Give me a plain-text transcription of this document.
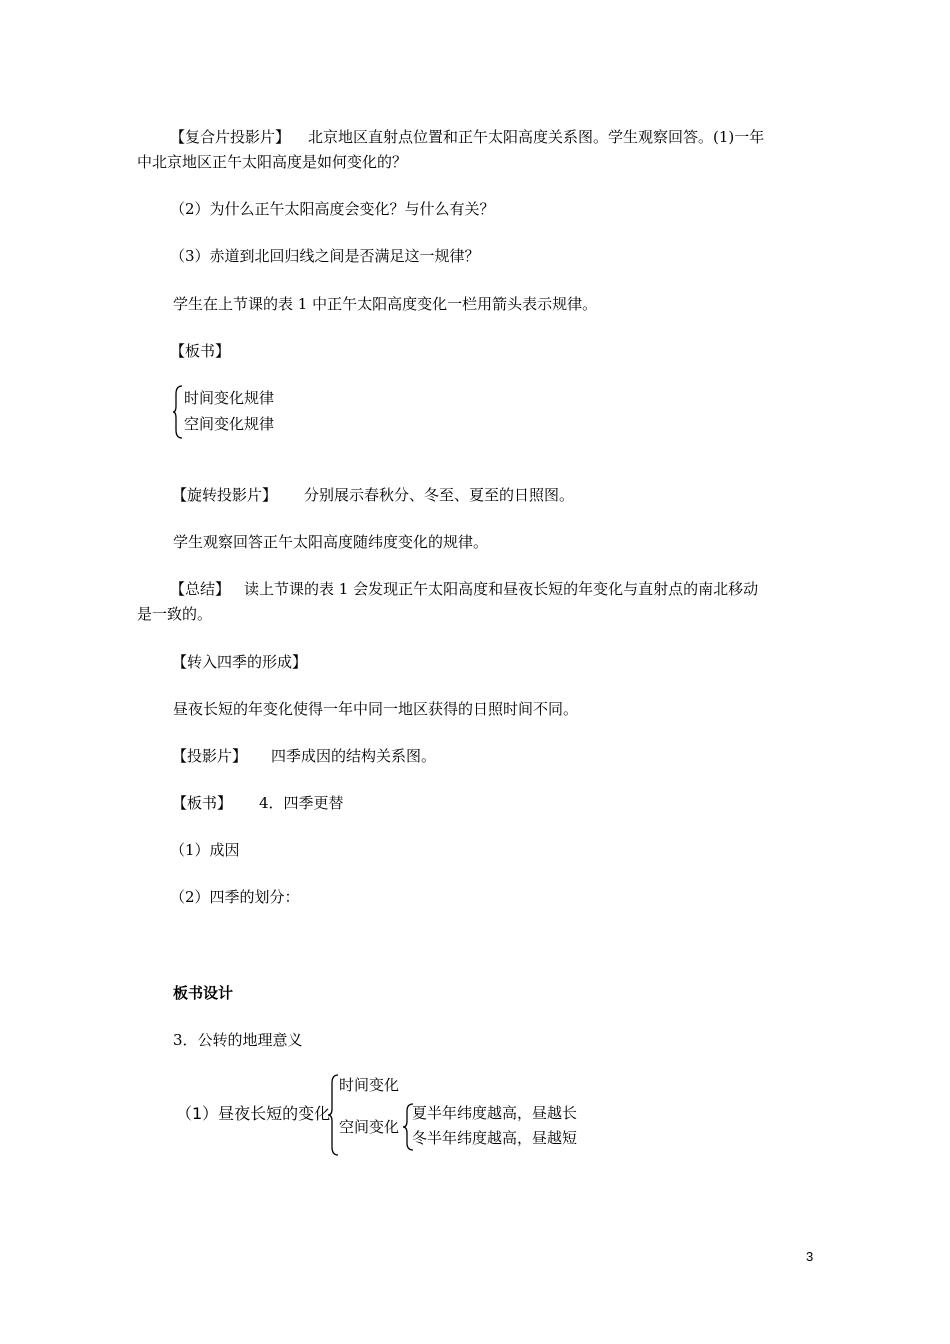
【复合片投影片】 北京地区直射点位置和正午太阳高度关系图。学生观察回答。(1)一年
中北京地区正午太阳高度是如何变化的？
（2）为什么正午太阳高度会变化？与什么有关？
（3）赤道到北回归线之间是否满足这一规律？
学生在上节课的表 1 中正午太阳高度变化一栏用箭头表示规律。
【板书】
时间变化规律
空间变化规律
【旋转投影片】 分别展示春秋分、冬至、夏至的日照图。
学生观察回答正午太阳高度随纬度变化的规律。
【总结】 读上节课的表 1 会发现正午太阳高度和昼夜长短的年变化与直射点的南北移动
是一致的。
【转入四季的形成】
昼夜长短的年变化使得一年中同一地区获得的日照时间不同。
【投影片】 四季成因的结构关系图。
【板书】 4．四季更替
（1）成因
（2）四季的划分：
板书设计
3．公转的地理意义
（1）昼夜长短的变化
时间变化
空间变化
夏半年纬度越高，昼越长
冬半年纬度越高，昼越短
3
